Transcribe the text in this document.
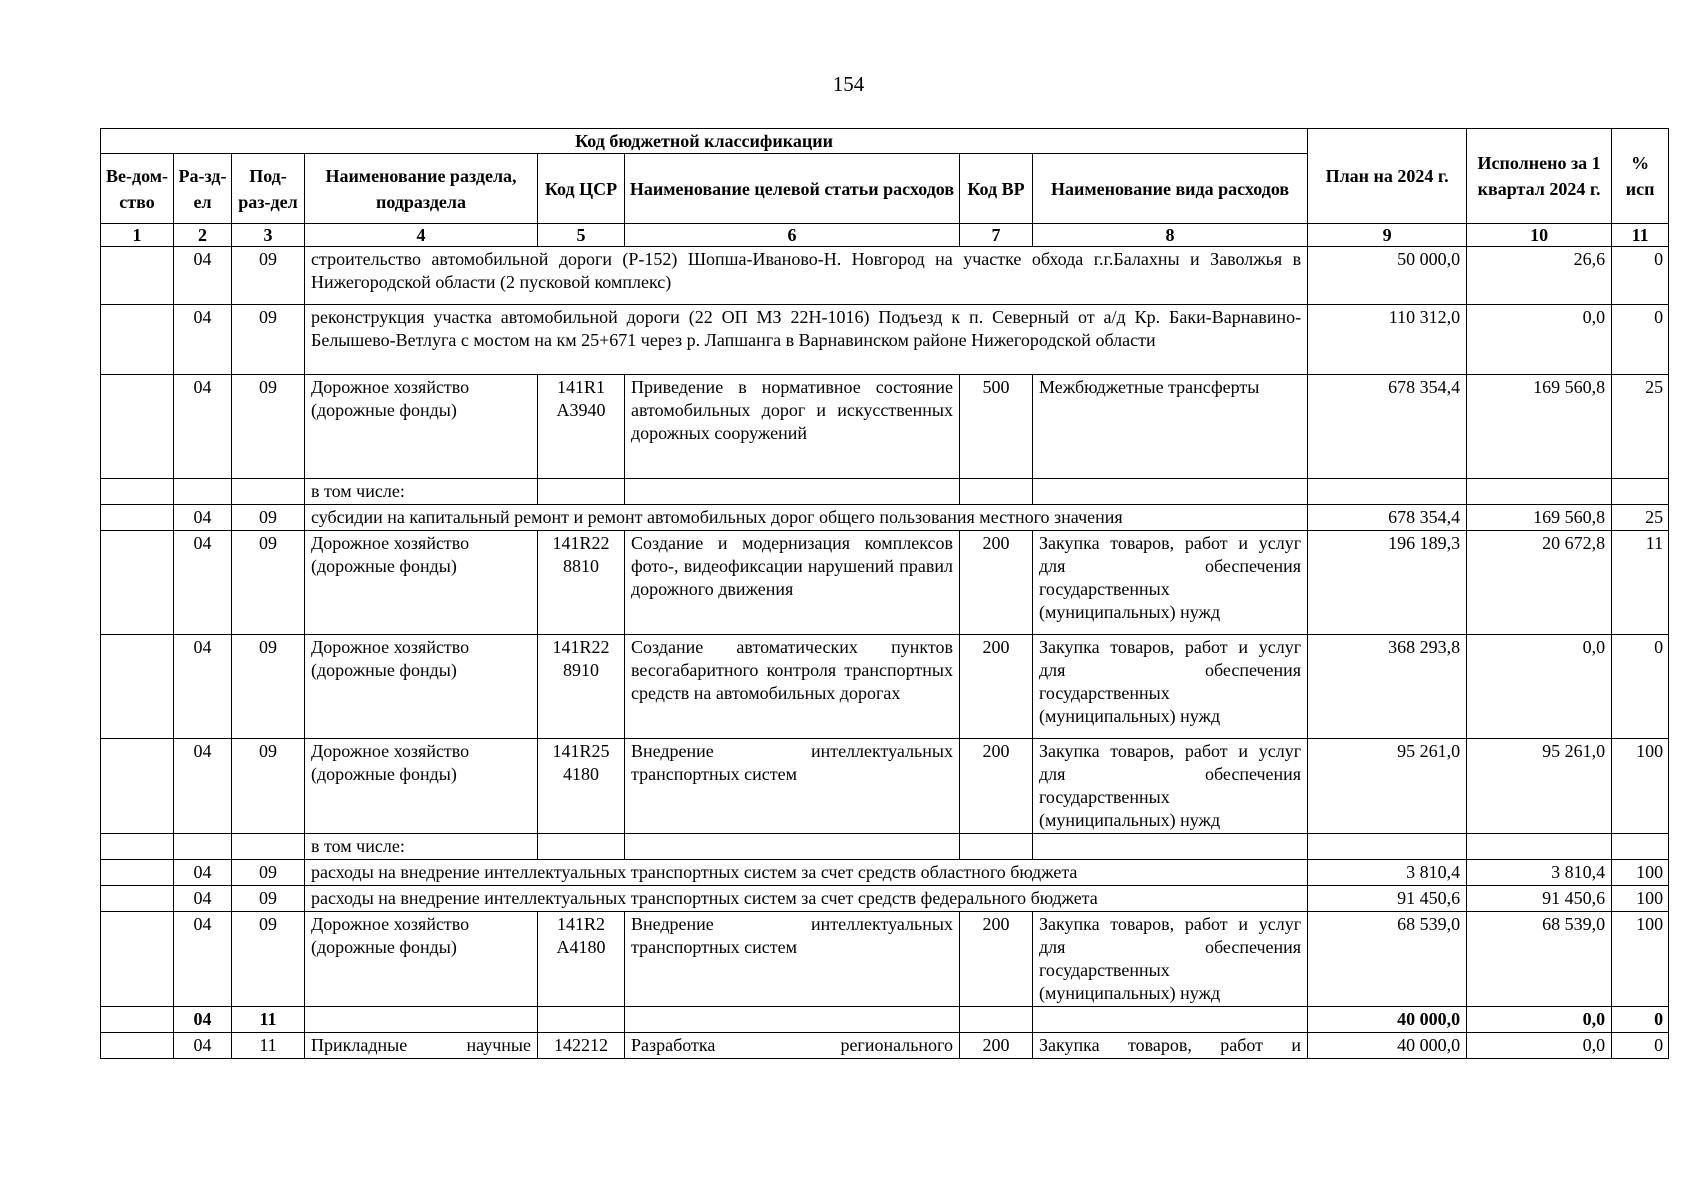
154
Код бюджетной классификации								План на 2024 г.	Исполнено за 1 квартал 2024 г.	% исп
Ве-дом-ство	Ра-зд-ел	Под-раз-дел	Наименование раздела, подраздела	Код ЦСР	Наименование целевой статьи расходов	Код ВР	Наименование вида расходов			
1	2	3	4	5	6	7	8	9	10	11
	04	09	строительство автомобильной дороги (Р-152) Шопша-Иваново-Н. Новгород на участке обхода г.г.Балахны и Заволжья в Нижегородской области (2 пусковой комплекс)					50 000,0	26,6	0
	04	09	реконструкция участка автомобильной дороги (22 ОП МЗ 22Н-1016) Подъезд к п. Северный от а/д Кр. Баки-Варнавино-Белышево-Ветлуга с мостом на км 25+671 через р. Лапшанга в Варнавинском районе Нижегородской области					110 312,0	0,0	0
	04	09	Дорожное хозяйство (дорожные фонды)	141R1 A3940	Приведение в нормативное состояние автомобильных дорог и искусственных дорожных сооружений	500	Межбюджетные трансферты	678 354,4	169 560,8	25
			в том числе:							
	04	09	субсидии на капитальный ремонт и ремонт автомобильных дорог общего пользования местного значения					678 354,4	169 560,8	25
	04	09	Дорожное хозяйство (дорожные фонды)	141R22 8810	Создание и модернизация комплексов фото-, видеофиксации нарушений правил дорожного движения	200	Закупка товаров, работ и услуг для обеспечения государственных (муниципальных) нужд	196 189,3	20 672,8	11
	04	09	Дорожное хозяйство (дорожные фонды)	141R22 8910	Создание автоматических пунктов весогабаритного контроля транспортных средств на автомобильных дорогах	200	Закупка товаров, работ и услуг для обеспечения государственных (муниципальных) нужд	368 293,8	0,0	0
	04	09	Дорожное хозяйство (дорожные фонды)	141R25 4180	Внедрение интеллектуальных транспортных систем	200	Закупка товаров, работ и услуг для обеспечения государственных (муниципальных) нужд	95 261,0	95 261,0	100
			в том числе:							
	04	09	расходы на внедрение интеллектуальных транспортных систем за счет средств областного бюджета					3 810,4	3 810,4	100
	04	09	расходы на внедрение интеллектуальных транспортных систем за счет средств федерального бюджета					91 450,6	91 450,6	100
	04	09	Дорожное хозяйство (дорожные фонды)	141R2 A4180	Внедрение интеллектуальных транспортных систем	200	Закупка товаров, работ и услуг для обеспечения государственных (муниципальных) нужд	68 539,0	68 539,0	100
	04	11						40 000,0	0,0	0
	04	11	Прикладные научные	142212	Разработка регионального	200	Закупка товаров, работ и	40 000,0	0,0	0
